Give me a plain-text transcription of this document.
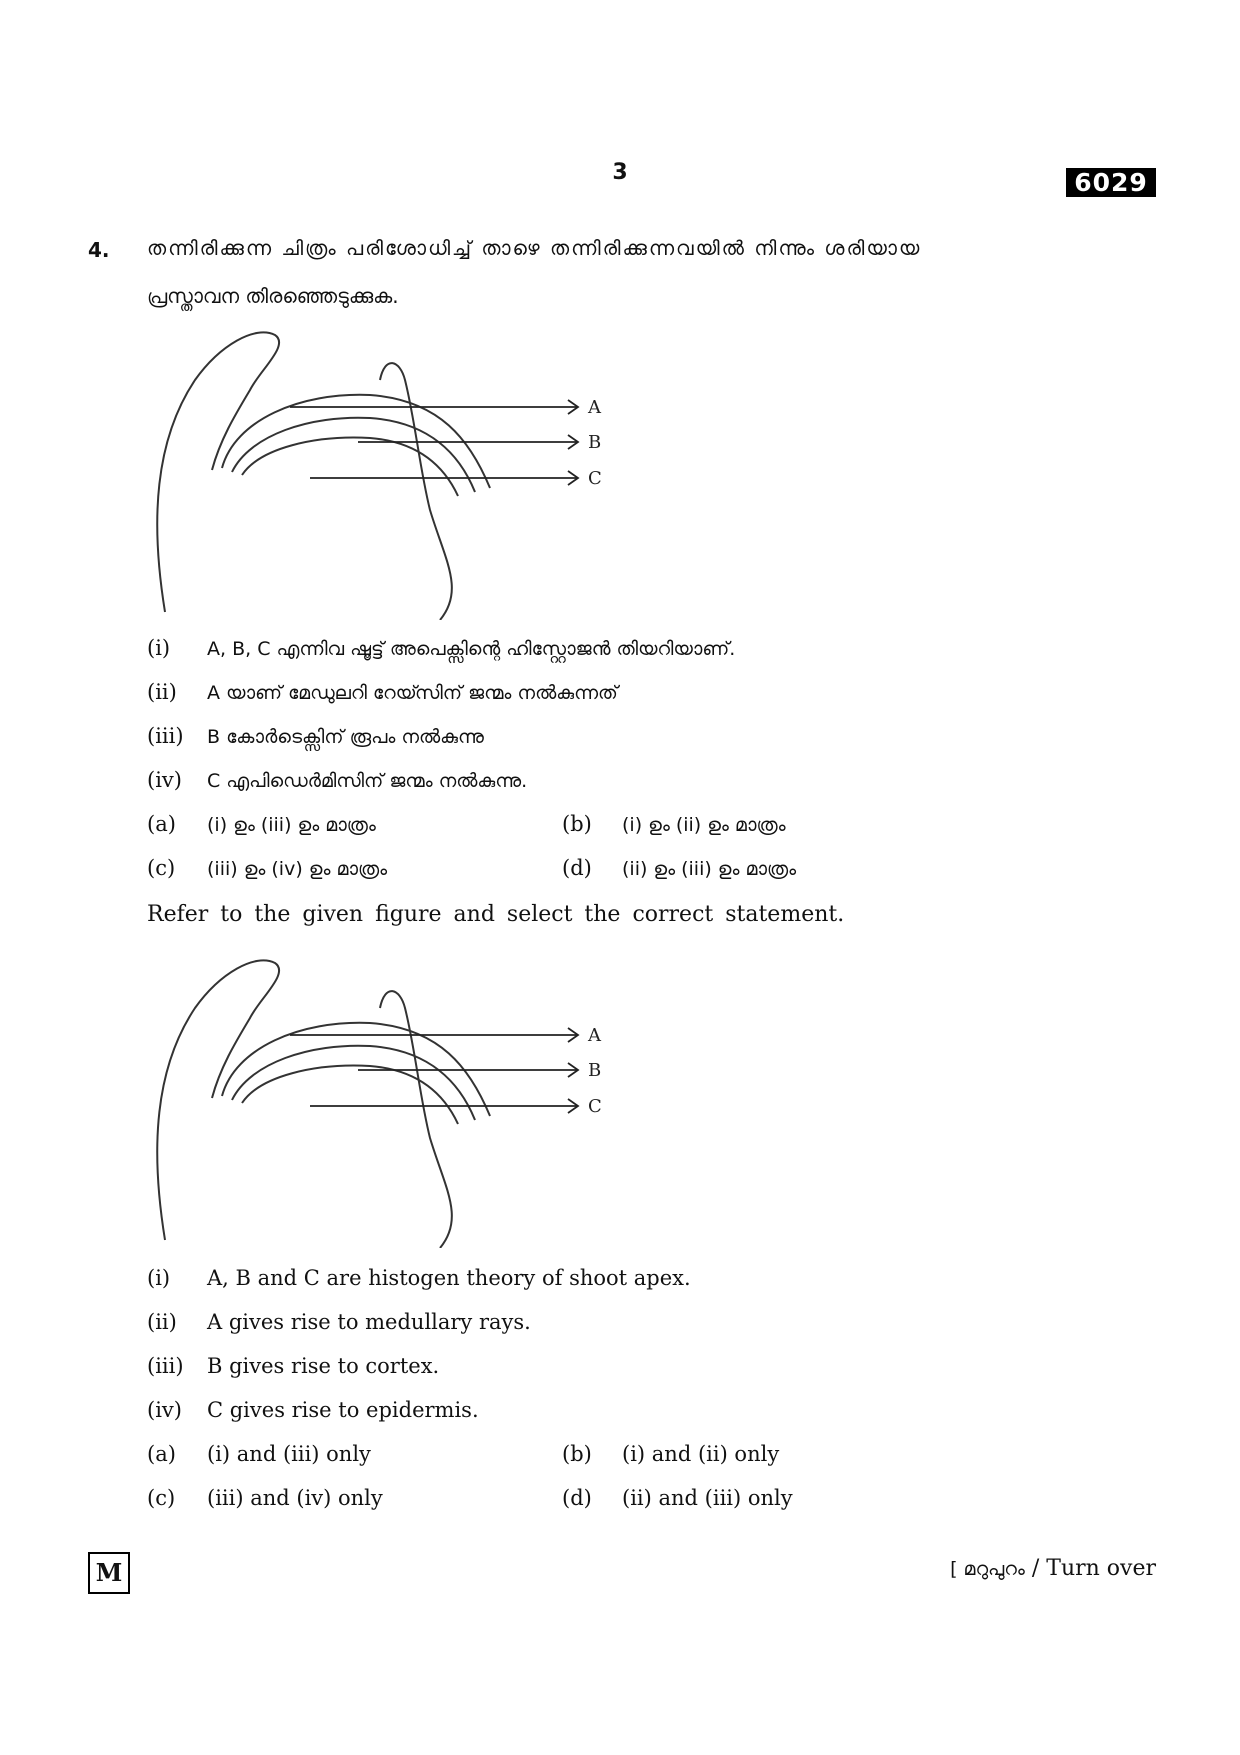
3	6029
4. തന്നിരിക്കുന്ന ചിത്രം പരിശോധിച്ച് താഴെ തന്നിരിക്കുന്നവയിൽ നിന്നും ശരിയായ
പ്രസ്താവന തിരഞ്ഞെടുക്കുക.
A
B
C
(i) A, B, C എന്നിവ ഷൂട്ട് അപെക്സിന്റെ ഹിസ്റ്റോജൻ തിയറിയാണ്.
(ii) A യാണ് മേഡുലറി റേയ്സിന് ജന്മം നൽകുന്നത്
(iii) B കോർടെക്സിന് രൂപം നൽകുന്നു
(iv) C എപിഡെർമിസിന് ജന്മം നൽകുന്നു.
(a) (i) ഉം (iii) ഉം മാത്രം	(b) (i) ഉം (ii) ഉം മാത്രം
(c) (iii) ഉം (iv) ഉം മാത്രം	(d) (ii) ഉം (iii) ഉം മാത്രം
Refer to the given figure and select the correct statement.
A
B
C
(i) A, B and C are histogen theory of shoot apex.
(ii) A gives rise to medullary rays.
(iii) B gives rise to cortex.
(iv) C gives rise to epidermis.
(a) (i) and (iii) only	(b) (i) and (ii) only
(c) (iii) and (iv) only	(d) (ii) and (iii) only
M	[ മറുപുറം / Turn over
